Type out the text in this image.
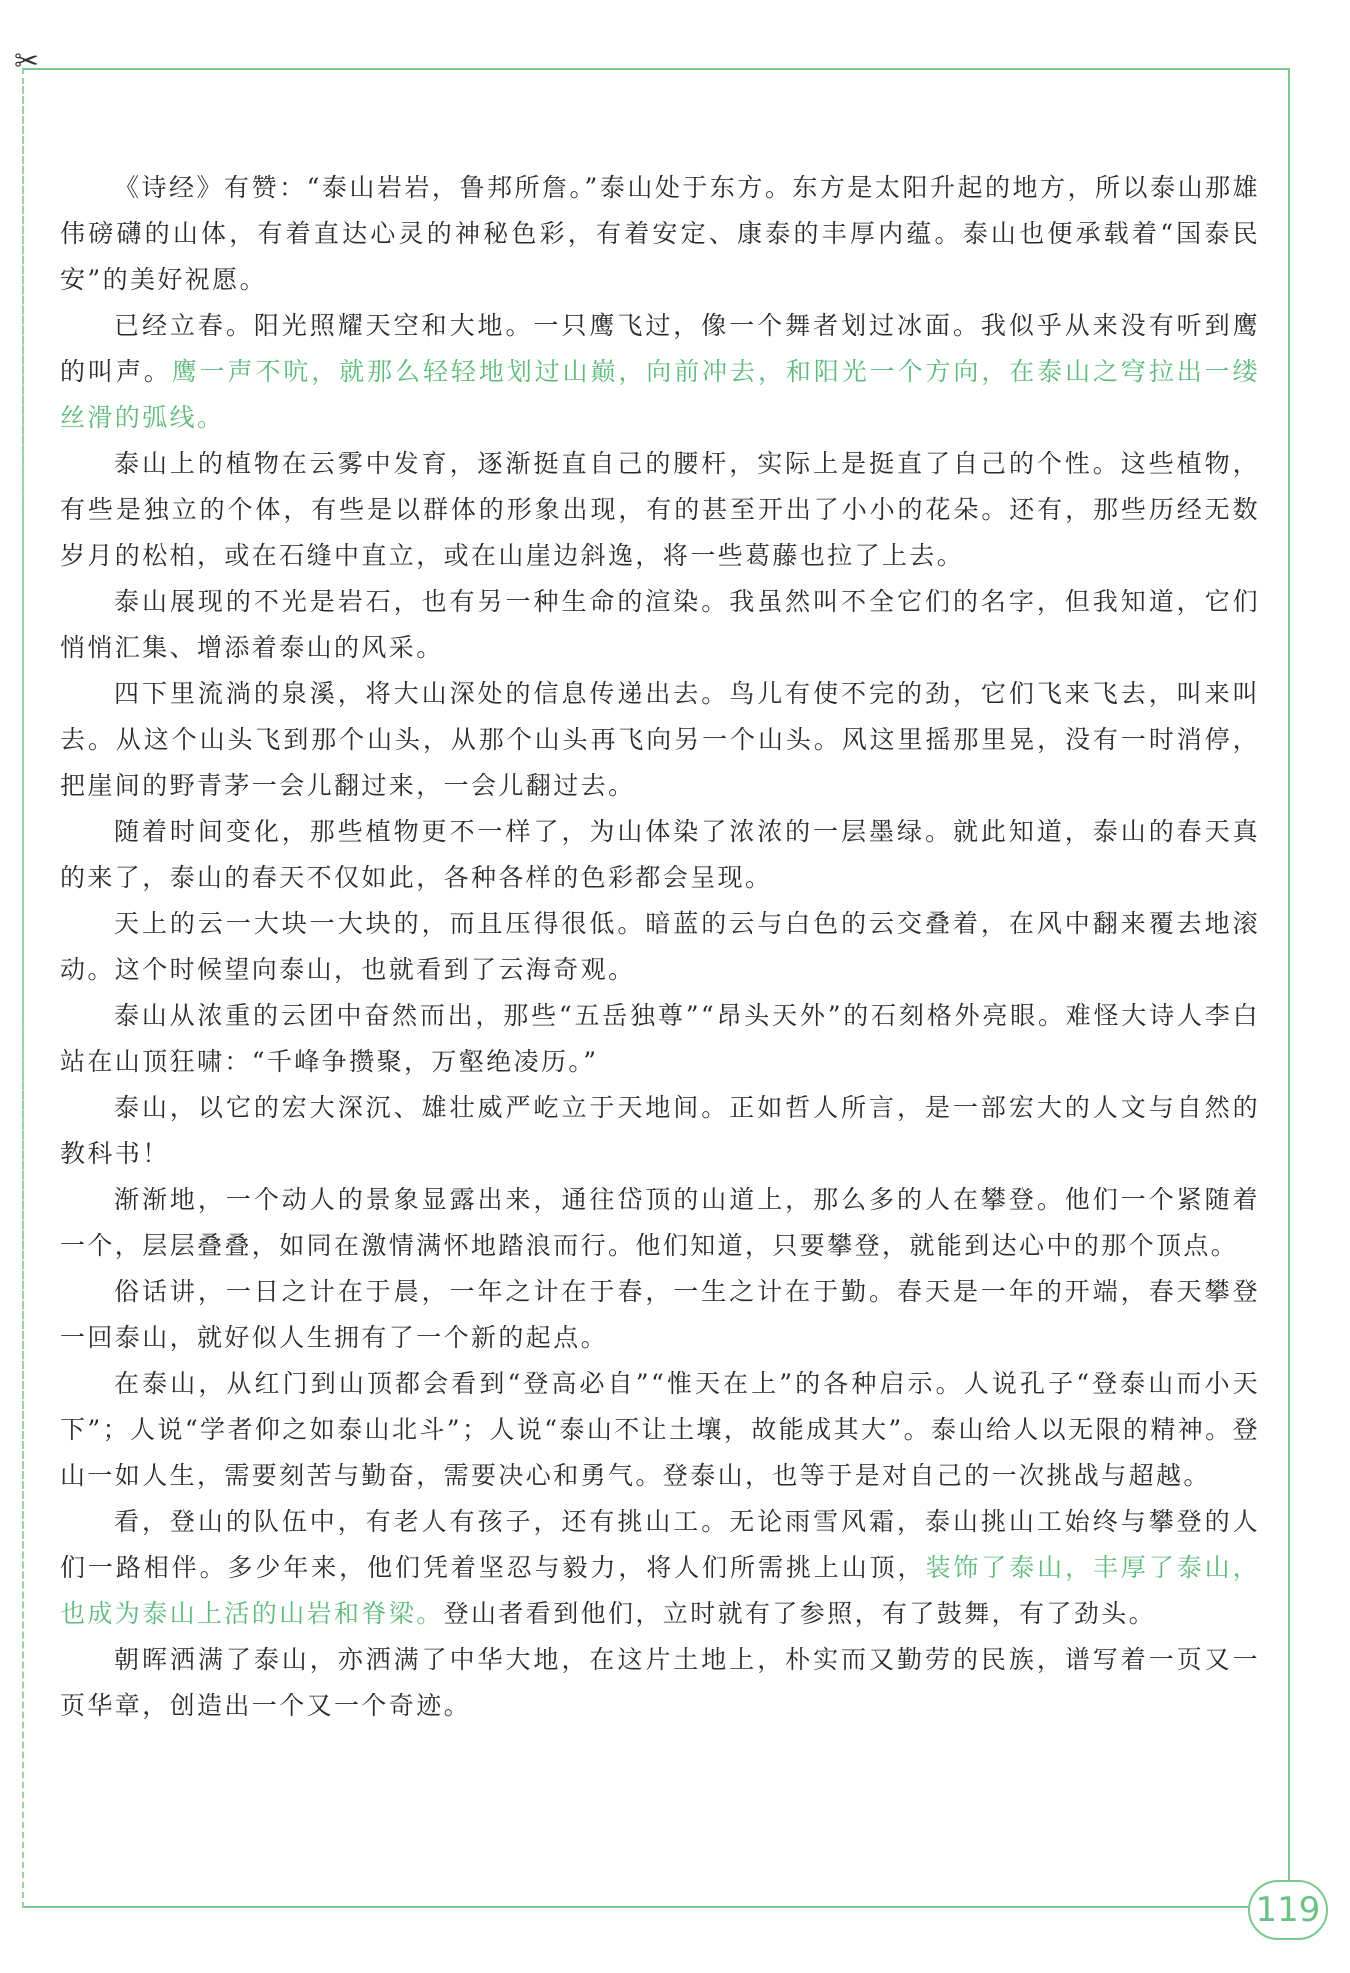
✂

《诗经》有赞：“泰山岩岩，鲁邦所詹。”泰山处于东方。东方是太阳升起的地方，所以泰山那雄伟磅礴的山体，有着直达心灵的神秘色彩，有着安定、康泰的丰厚内蕴。泰山也便承载着“国泰民安”的美好祝愿。

已经立春。阳光照耀天空和大地。一只鹰飞过，像一个舞者划过冰面。我似乎从来没有听到鹰的叫声。鹰一声不吭，就那么轻轻地划过山巅，向前冲去，和阳光一个方向，在泰山之穹拉出一缕丝滑的弧线。

泰山上的植物在云雾中发育，逐渐挺直自己的腰杆，实际上是挺直了自己的个性。这些植物，有些是独立的个体，有些是以群体的形象出现，有的甚至开出了小小的花朵。还有，那些历经无数岁月的松柏，或在石缝中直立，或在山崖边斜逸，将一些葛藤也拉了上去。

泰山展现的不光是岩石，也有另一种生命的渲染。我虽然叫不全它们的名字，但我知道，它们悄悄汇集、增添着泰山的风采。

四下里流淌的泉溪，将大山深处的信息传递出去。鸟儿有使不完的劲，它们飞来飞去，叫来叫去。从这个山头飞到那个山头，从那个山头再飞向另一个山头。风这里摇那里晃，没有一时消停，把崖间的野青茅一会儿翻过来，一会儿翻过去。

随着时间变化，那些植物更不一样了，为山体染了浓浓的一层墨绿。就此知道，泰山的春天真的来了，泰山的春天不仅如此，各种各样的色彩都会呈现。

天上的云一大块一大块的，而且压得很低。暗蓝的云与白色的云交叠着，在风中翻来覆去地滚动。这个时候望向泰山，也就看到了云海奇观。

泰山从浓重的云团中奋然而出，那些“五岳独尊”“昂头天外”的石刻格外亮眼。难怪大诗人李白站在山顶狂啸：“千峰争攒聚，万壑绝凌历。”

泰山，以它的宏大深沉、雄壮威严屹立于天地间。正如哲人所言，是一部宏大的人文与自然的教科书！

渐渐地，一个动人的景象显露出来，通往岱顶的山道上，那么多的人在攀登。他们一个紧随着一个，层层叠叠，如同在激情满怀地踏浪而行。他们知道，只要攀登，就能到达心中的那个顶点。

俗话讲，一日之计在于晨，一年之计在于春，一生之计在于勤。春天是一年的开端，春天攀登一回泰山，就好似人生拥有了一个新的起点。

在泰山，从红门到山顶都会看到“登高必自”“惟天在上”的各种启示。人说孔子“登泰山而小天下”；人说“学者仰之如泰山北斗”；人说“泰山不让土壤，故能成其大”。泰山给人以无限的精神。登山一如人生，需要刻苦与勤奋，需要决心和勇气。登泰山，也等于是对自己的一次挑战与超越。

看，登山的队伍中，有老人有孩子，还有挑山工。无论雨雪风霜，泰山挑山工始终与攀登的人们一路相伴。多少年来，他们凭着坚忍与毅力，将人们所需挑上山顶，装饰了泰山，丰厚了泰山，也成为泰山上活的山岩和脊梁。登山者看到他们，立时就有了参照，有了鼓舞，有了劲头。

朝晖洒满了泰山，亦洒满了中华大地，在这片土地上，朴实而又勤劳的民族，谱写着一页又一页华章，创造出一个又一个奇迹。

119
